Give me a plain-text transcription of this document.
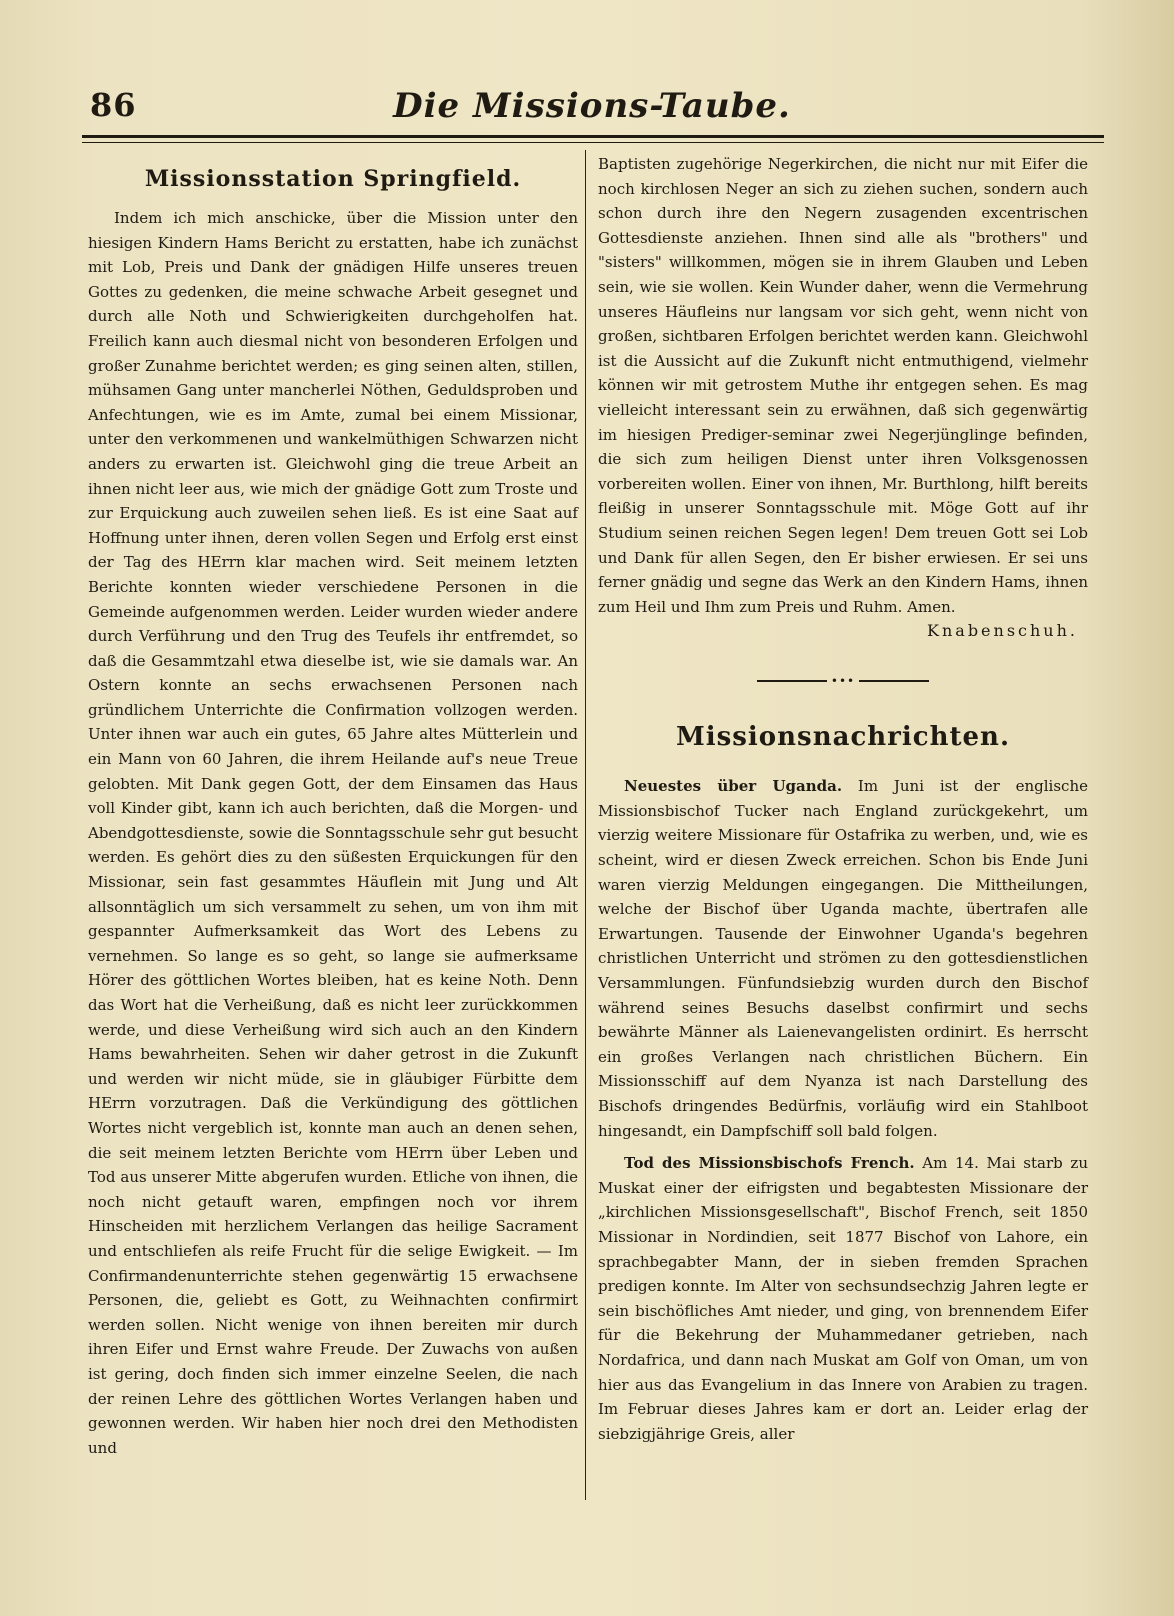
86	Die Missions-Taube.
Missionsstation Springfield.

Indem ich mich anschicke, über die Mission unter den hiesigen Kindern Hams Bericht zu erstatten, habe ich zunächst mit Lob, Preis und Dank der gnädigen Hilfe unseres treuen Gottes zu gedenken, die meine schwache Arbeit gesegnet und durch alle Noth und Schwierigkeiten durchgeholfen hat. Freilich kann auch diesmal nicht von besonderen Erfolgen und großer Zunahme berichtet werden; es ging seinen alten, stillen, mühsamen Gang unter mancherlei Nöthen, Geduldsproben und Anfechtungen, wie es im Amte, zumal bei einem Missionar, unter den verkommenen und wankelmüthigen Schwarzen nicht anders zu erwarten ist. Gleichwohl ging die treue Arbeit an ihnen nicht leer aus, wie mich der gnädige Gott zum Troste und zur Erquickung auch zuweilen sehen ließ. Es ist eine Saat auf Hoffnung unter ihnen, deren vollen Segen und Erfolg erst einst der Tag des HErrn klar machen wird. Seit meinem letzten Berichte konnten wieder verschiedene Personen in die Gemeinde aufgenommen werden. Leider wurden wieder andere durch Verführung und den Trug des Teufels ihr entfremdet, so daß die Gesammtzahl etwa dieselbe ist, wie sie damals war. An Ostern konnte an sechs erwachsenen Personen nach gründlichem Unterrichte die Confirmation vollzogen werden. Unter ihnen war auch ein gutes, 65 Jahre altes Mütterlein und ein Mann von 60 Jahren, die ihrem Heilande auf's neue Treue gelobten. Mit Dank gegen Gott, der dem Einsamen das Haus voll Kinder gibt, kann ich auch berichten, daß die Morgen- und Abendgottesdienste, sowie die Sonntagsschule sehr gut besucht werden. Es gehört dies zu den süßesten Erquickungen für den Missionar, sein fast gesammtes Häuflein mit Jung und Alt allsonntäglich um sich versammelt zu sehen, um von ihm mit gespannter Aufmerksamkeit das Wort des Lebens zu vernehmen. So lange es so geht, so lange sie aufmerksame Hörer des göttlichen Wortes bleiben, hat es keine Noth. Denn das Wort hat die Verheißung, daß es nicht leer zurückkommen werde, und diese Verheißung wird sich auch an den Kindern Hams bewahrheiten. Sehen wir daher getrost in die Zukunft und werden wir nicht müde, sie in gläubiger Fürbitte dem HErrn vorzutragen. Daß die Verkündigung des göttlichen Wortes nicht vergeblich ist, konnte man auch an denen sehen, die seit meinem letzten Berichte vom HErrn über Leben und Tod aus unserer Mitte abgerufen wurden. Etliche von ihnen, die noch nicht getauft waren, empfingen noch vor ihrem Hinscheiden mit herzlichem Verlangen das heilige Sacrament und entschliefen als reife Frucht für die selige Ewigkeit. — Im Confirmandenunterrichte stehen gegenwärtig 15 erwachsene Personen, die, geliebt es Gott, zu Weihnachten confirmirt werden sollen. Nicht wenige von ihnen bereiten mir durch ihren Eifer und Ernst wahre Freude. Der Zuwachs von außen ist gering, doch finden sich immer einzelne Seelen, die nach der reinen Lehre des göttlichen Wortes Verlangen haben und gewonnen werden. Wir haben hier noch drei den Methodisten und

Baptisten zugehörige Negerkirchen, die nicht nur mit Eifer die noch kirchlosen Neger an sich zu ziehen suchen, sondern auch schon durch ihre den Negern zusagenden excentrischen Gottesdienste anziehen. Ihnen sind alle als "brothers" und "sisters" willkommen, mögen sie in ihrem Glauben und Leben sein, wie sie wollen. Kein Wunder daher, wenn die Vermehrung unseres Häufleins nur langsam vor sich geht, wenn nicht von großen, sichtbaren Erfolgen berichtet werden kann. Gleichwohl ist die Aussicht auf die Zukunft nicht entmuthigend, vielmehr können wir mit getrostem Muthe ihr entgegen sehen. Es mag vielleicht interessant sein zu erwähnen, daß sich gegenwärtig im hiesigen Prediger-seminar zwei Negerjünglinge befinden, die sich zum heiligen Dienst unter ihren Volksgenossen vorbereiten wollen. Einer von ihnen, Mr. Burthlong, hilft bereits fleißig in unserer Sonntagsschule mit. Möge Gott auf ihr Studium seinen reichen Segen legen! Dem treuen Gott sei Lob und Dank für allen Segen, den Er bisher erwiesen. Er sei uns ferner gnädig und segne das Werk an den Kindern Hams, ihnen zum Heil und Ihm zum Preis und Ruhm. Amen.

Knabenschuh.
•••
Missionsnachrichten.

Neuestes über Uganda. Im Juni ist der englische Missionsbischof Tucker nach England zurückgekehrt, um vierzig weitere Missionare für Ostafrika zu werben, und, wie es scheint, wird er diesen Zweck erreichen. Schon bis Ende Juni waren vierzig Meldungen eingegangen. Die Mittheilungen, welche der Bischof über Uganda machte, übertrafen alle Erwartungen. Tausende der Einwohner Uganda's begehren christlichen Unterricht und strömen zu den gottesdienstlichen Versammlungen. Fünfundsiebzig wurden durch den Bischof während seines Besuchs daselbst confirmirt und sechs bewährte Männer als Laienevangelisten ordinirt. Es herrscht ein großes Verlangen nach christlichen Büchern. Ein Missionsschiff auf dem Nyanza ist nach Darstellung des Bischofs dringendes Bedürfnis, vorläufig wird ein Stahlboot hingesandt, ein Dampfschiff soll bald folgen.

Tod des Missionsbischofs French. Am 14. Mai starb zu Muskat einer der eifrigsten und begabtesten Missionare der „kirchlichen Missionsgesellschaft", Bischof French, seit 1850 Missionar in Nordindien, seit 1877 Bischof von Lahore, ein sprachbegabter Mann, der in sieben fremden Sprachen predigen konnte. Im Alter von sechsundsechzig Jahren legte er sein bischöfliches Amt nieder, und ging, von brennendem Eifer für die Bekehrung der Muhammedaner getrieben, nach Nordafrica, und dann nach Muskat am Golf von Oman, um von hier aus das Evangelium in das Innere von Arabien zu tragen. Im Februar dieses Jahres kam er dort an. Leider erlag der siebzigjährige Greis, aller
